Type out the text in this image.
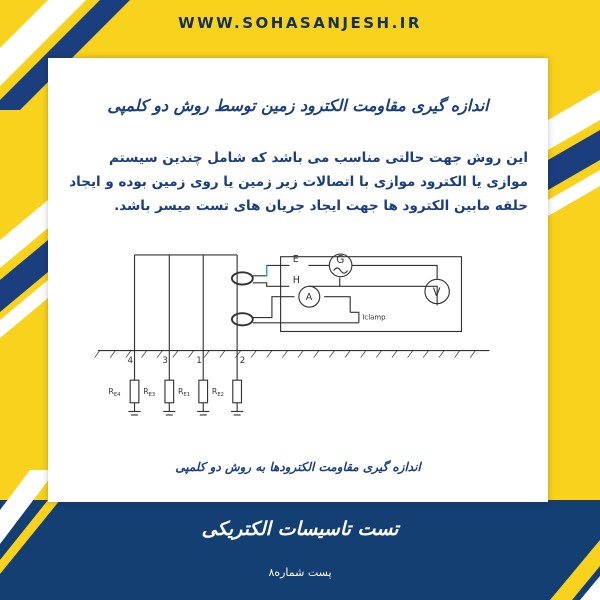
WWW.SOHASANJESH.IR
اندازه گیری مقاومت الکترود زمین توسط روش دو کلمپی
این روش جهت حالتی مناسب می باشد که شامل چندین سیستم موازی یا الکترود موازی با اتصالات زیر زمین یا روی زمین بوده و ایجاد حلقه مابین الکترود ها جهت ایجاد جریان های تست میسر باشد.
E
H
G
A	V
Iclamp
4	3	1	2
$R_{E4}$	$R_{E3}$	$R_{E1}$ $R_{E2}$
اندازه گیری مقاومت الکترودها به روش دو کلمپی
تست تاسیسات الکتریکی
پست شماره۸
